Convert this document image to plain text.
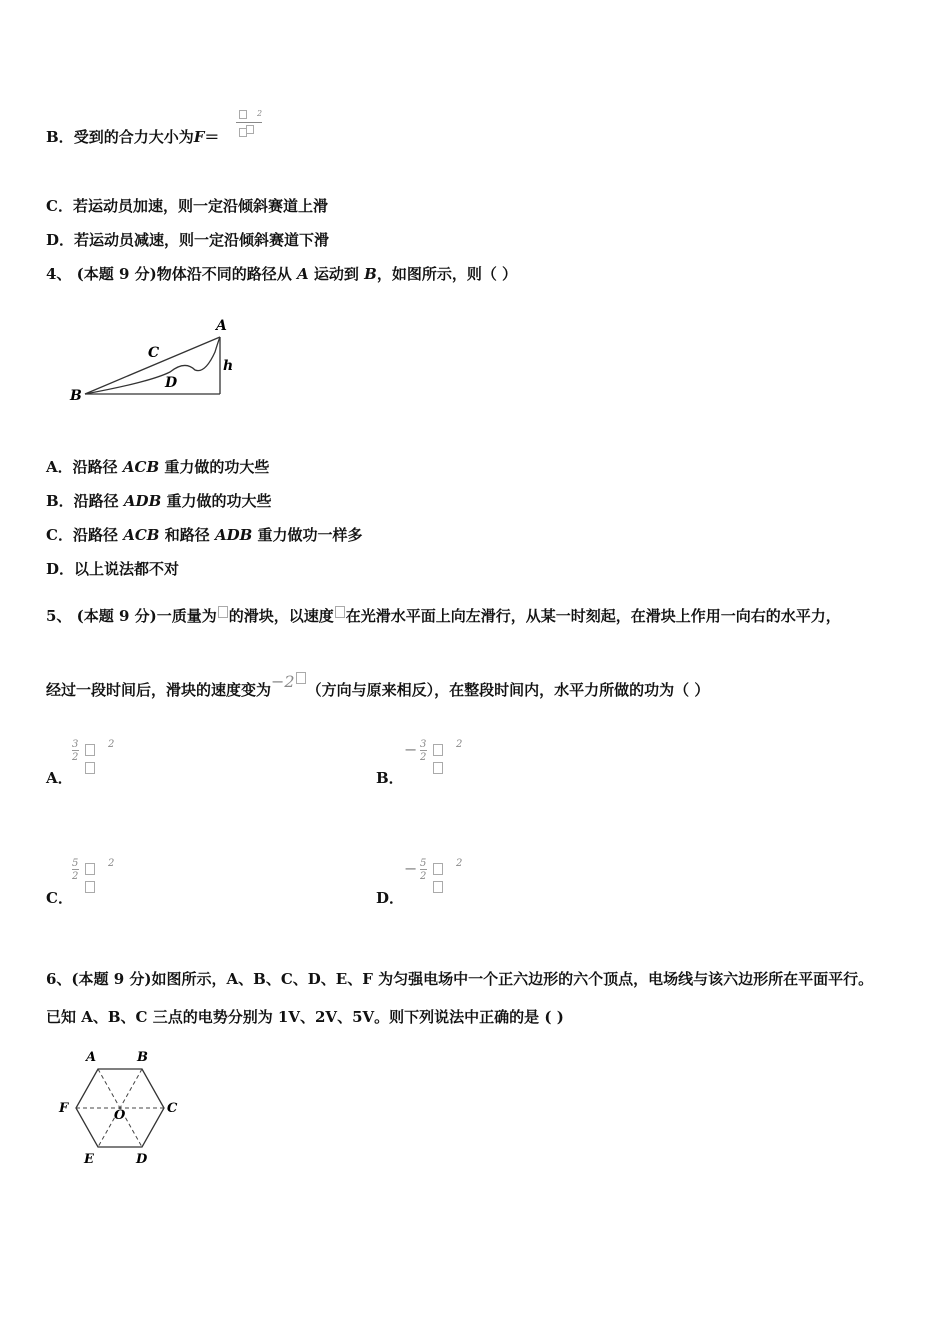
B．受到的合力大小为F＝
2
C．若运动员加速，则一定沿倾斜赛道上滑
D．若运动员减速，则一定沿倾斜赛道下滑
4、 (本题 9 分)物体沿不同的路径从 A 运动到 B，如图所示，则（ ）
A
B
C
D
h
A．沿路径 ACB 重力做的功大些
B．沿路径 ADB 重力做的功大些
C．沿路径 ACB 和路径 ADB 重力做功一样多
D．以上说法都不对
5、 (本题 9 分)一质量为 的滑块，以速度 在光滑水平面上向左滑行，从某一时刻起，在滑块上作用一向右的水平力，
经过一段时间后，滑块的速度变为−2 （方向与原来相反），在整段时间内，水平力所做的功为（ ）
3
2
2
A．
− 3
2
2
B．
5
2
2
C．
− 5
2
2
D．
6、(本题 9 分)如图所示，A、B、C、D、E、F 为匀强电场中一个正六边形的六个顶点，电场线与该六边形所在平面平行。
已知 A、B、C 三点的电势分别为 1V、2V、5V。则下列说法中正确的是 ( )
A	B
C
D
E
F	O
